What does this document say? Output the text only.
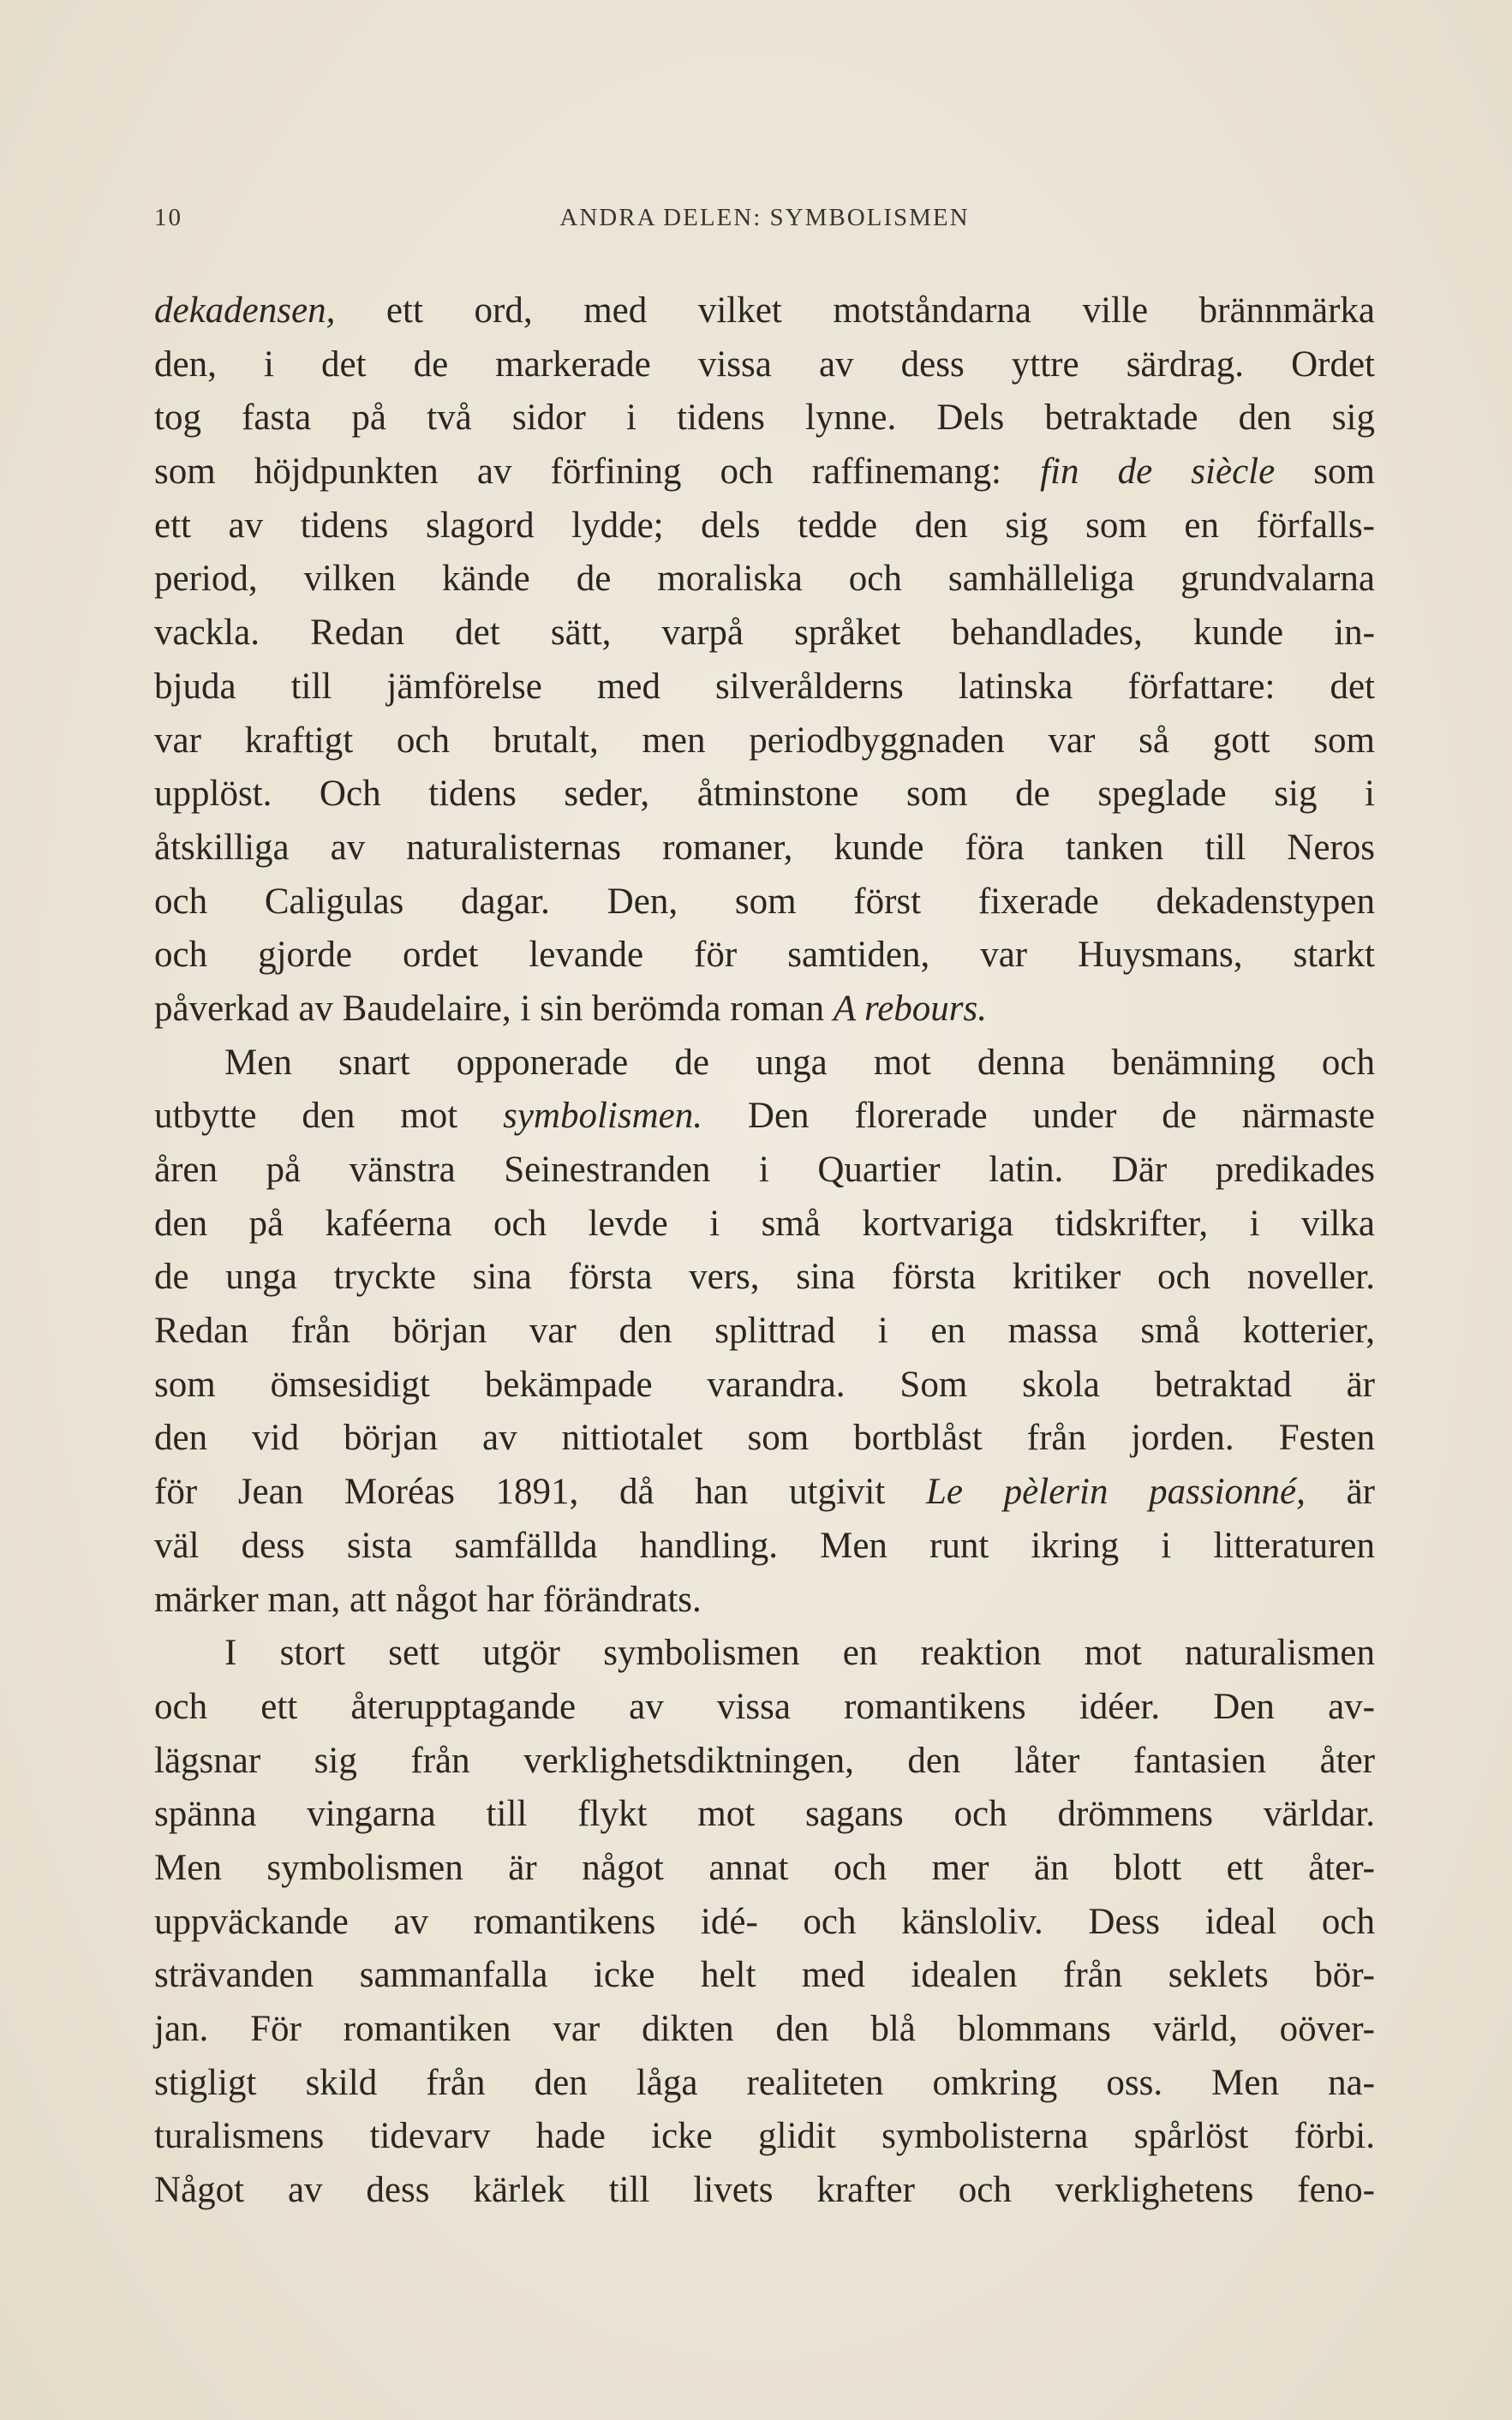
10	ANDRA DELEN: SYMBOLISMEN
dekadensen, ett ord, med vilket motståndarna ville brännmärka
den, i det de markerade vissa av dess yttre särdrag. Ordet
tog fasta på två sidor i tidens lynne. Dels betraktade den sig
som höjdpunkten av förfining och raffinemang: fin de siècle som
ett av tidens slagord lydde; dels tedde den sig som en förfalls-
period, vilken kände de moraliska och samhälleliga grundvalarna
vackla. Redan det sätt, varpå språket behandlades, kunde in-
bjuda till jämförelse med silverålderns latinska författare: det
var kraftigt och brutalt, men periodbyggnaden var så gott som
upplöst. Och tidens seder, åtminstone som de speglade sig i
åtskilliga av naturalisternas romaner, kunde föra tanken till Neros
och Caligulas dagar. Den, som först fixerade dekadenstypen
och gjorde ordet levande för samtiden, var Huysmans, starkt
påverkad av Baudelaire, i sin berömda roman A rebours.
Men snart opponerade de unga mot denna benämning och
utbytte den mot symbolismen. Den florerade under de närmaste
åren på vänstra Seinestranden i Quartier latin. Där predikades
den på kaféerna och levde i små kortvariga tidskrifter, i vilka
de unga tryckte sina första vers, sina första kritiker och noveller.
Redan från början var den splittrad i en massa små kotterier,
som ömsesidigt bekämpade varandra. Som skola betraktad är
den vid början av nittiotalet som bortblåst från jorden. Festen
för Jean Moréas 1891, då han utgivit Le pèlerin passionné, är
väl dess sista samfällda handling. Men runt ikring i litteraturen
märker man, att något har förändrats.
I stort sett utgör symbolismen en reaktion mot naturalismen
och ett återupptagande av vissa romantikens idéer. Den av-
lägsnar sig från verklighetsdiktningen, den låter fantasien åter
spänna vingarna till flykt mot sagans och drömmens världar.
Men symbolismen är något annat och mer än blott ett åter-
uppväckande av romantikens idé- och känsloliv. Dess ideal och
strävanden sammanfalla icke helt med idealen från seklets bör-
jan. För romantiken var dikten den blå blommans värld, oöver-
stigligt skild från den låga realiteten omkring oss. Men na-
turalismens tidevarv hade icke glidit symbolisterna spårlöst förbi.
Något av dess kärlek till livets krafter och verklighetens feno-
